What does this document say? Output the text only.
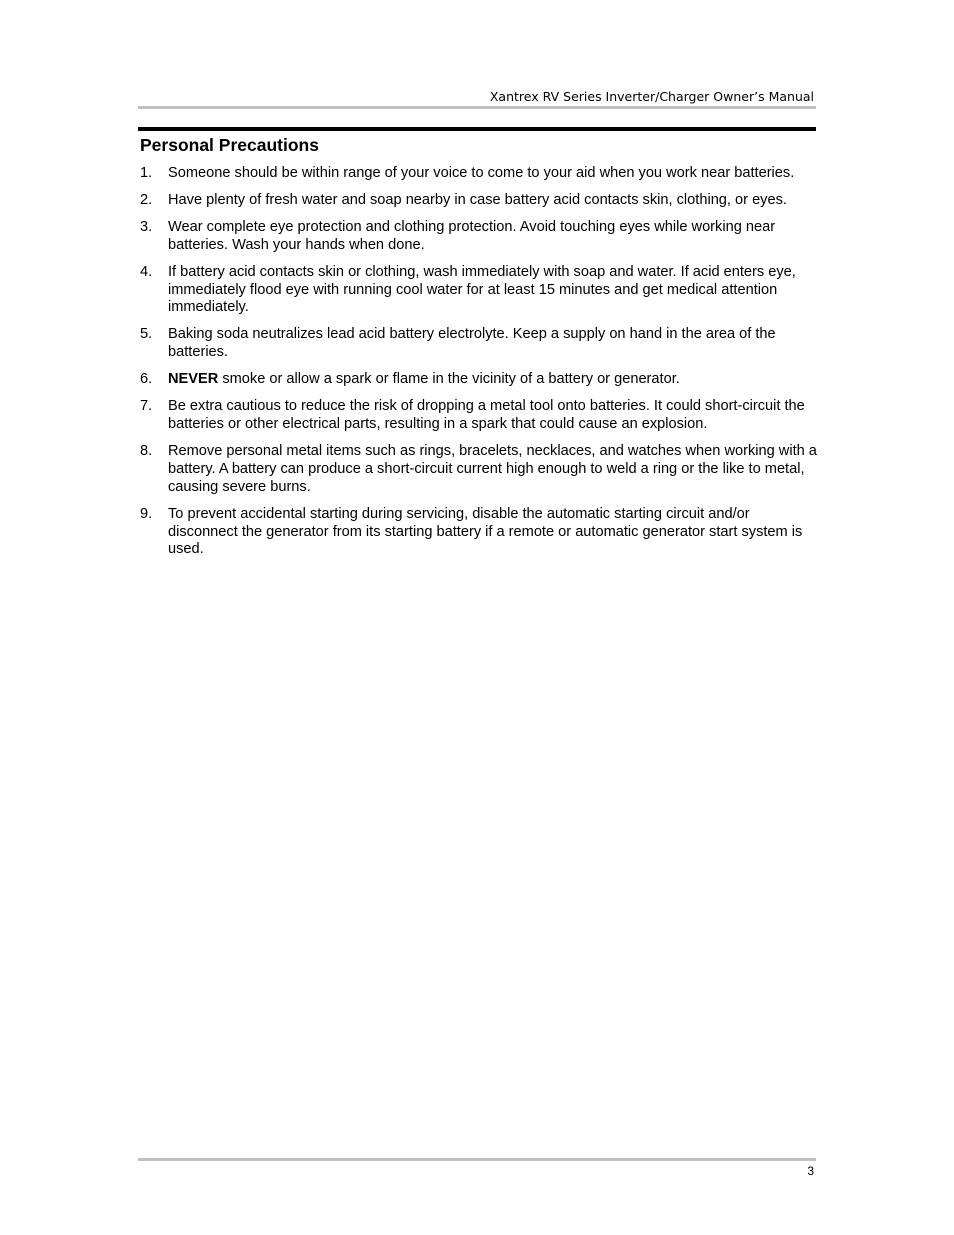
Xantrex RV Series Inverter/Charger Owner’s Manual
Personal Precautions
1.	Someone should be within range of your voice to come to your aid when you work near batteries.
2.	Have plenty of fresh water and soap nearby in case battery acid contacts skin, clothing, or eyes.
3.	Wear complete eye protection and clothing protection. Avoid touching eyes while working near batteries. Wash your hands when done.
4.	If battery acid contacts skin or clothing, wash immediately with soap and water. If acid enters eye, immediately flood eye with running cool water for at least 15 minutes and get medical attention immediately.
5.	Baking soda neutralizes lead acid battery electrolyte. Keep a supply on hand in the area of the batteries.
6.	NEVER smoke or allow a spark or flame in the vicinity of a battery or generator.
7.	Be extra cautious to reduce the risk of dropping a metal tool onto batteries. It could short-circuit the batteries or other electrical parts, resulting in a spark that could cause an explosion.
8.	Remove personal metal items such as rings, bracelets, necklaces, and watches when working with a battery. A battery can produce a short-circuit current high enough to weld a ring or the like to metal, causing severe burns.
9.	To prevent accidental starting during servicing, disable the automatic starting circuit and/or disconnect the generator from its starting battery if a remote or automatic generator start system is used.
3
